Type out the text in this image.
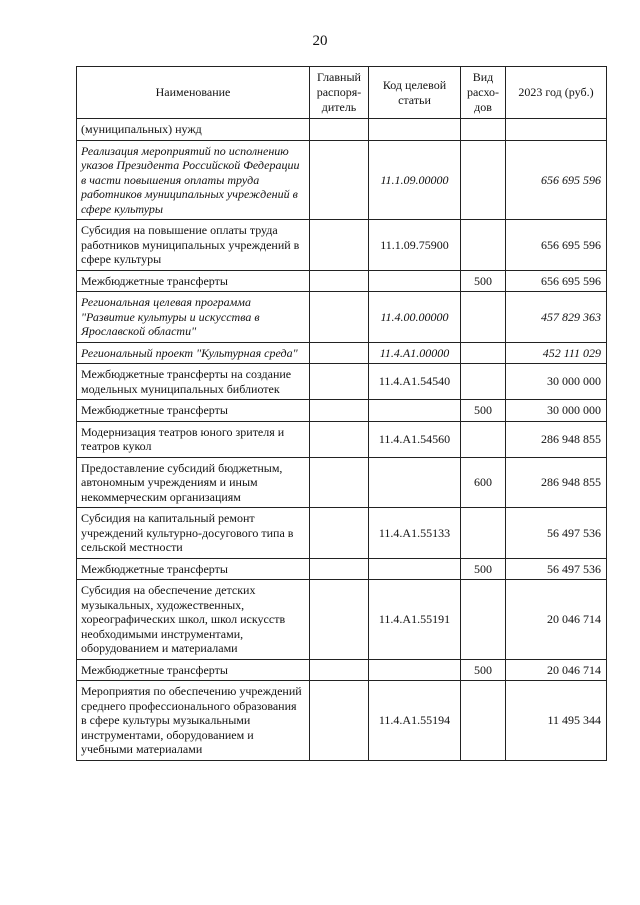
20
Наименование	Главный распоря-дитель	Код целевой статьи	Вид расхо-дов	2023 год (руб.)
(муниципальных) нужд				
Реализация мероприятий по исполнению указов Президента Российской Федерации в части повышения оплаты труда работников муниципальных учреждений в сфере культуры		11.1.09.00000		656 695 596
Субсидия на повышение оплаты труда работников муниципальных учреждений в сфере культуры		11.1.09.75900		656 695 596
Межбюджетные трансферты			500	656 695 596
Региональная целевая программа "Развитие культуры и искусства в Ярославской области"		11.4.00.00000		457 829 363
Региональный проект "Культурная среда"		11.4.A1.00000		452 111 029
Межбюджетные трансферты на создание модельных муниципальных библиотек		11.4.A1.54540		30 000 000
Межбюджетные трансферты			500	30 000 000
Модернизация театров юного зрителя и театров кукол		11.4.A1.54560		286 948 855
Предоставление субсидий бюджетным, автономным учреждениям и иным некоммерческим организациям			600	286 948 855
Субсидия на капитальный ремонт учреждений культурно-досугового типа в сельской местности		11.4.A1.55133		56 497 536
Межбюджетные трансферты			500	56 497 536
Субсидия на обеспечение детских музыкальных, художественных, хореографических школ, школ искусств необходимыми инструментами, оборудованием и материалами		11.4.A1.55191		20 046 714
Межбюджетные трансферты			500	20 046 714
Мероприятия по обеспечению учреждений среднего профессионального образования в сфере культуры музыкальными инструментами, оборудованием и учебными материалами		11.4.A1.55194		11 495 344
